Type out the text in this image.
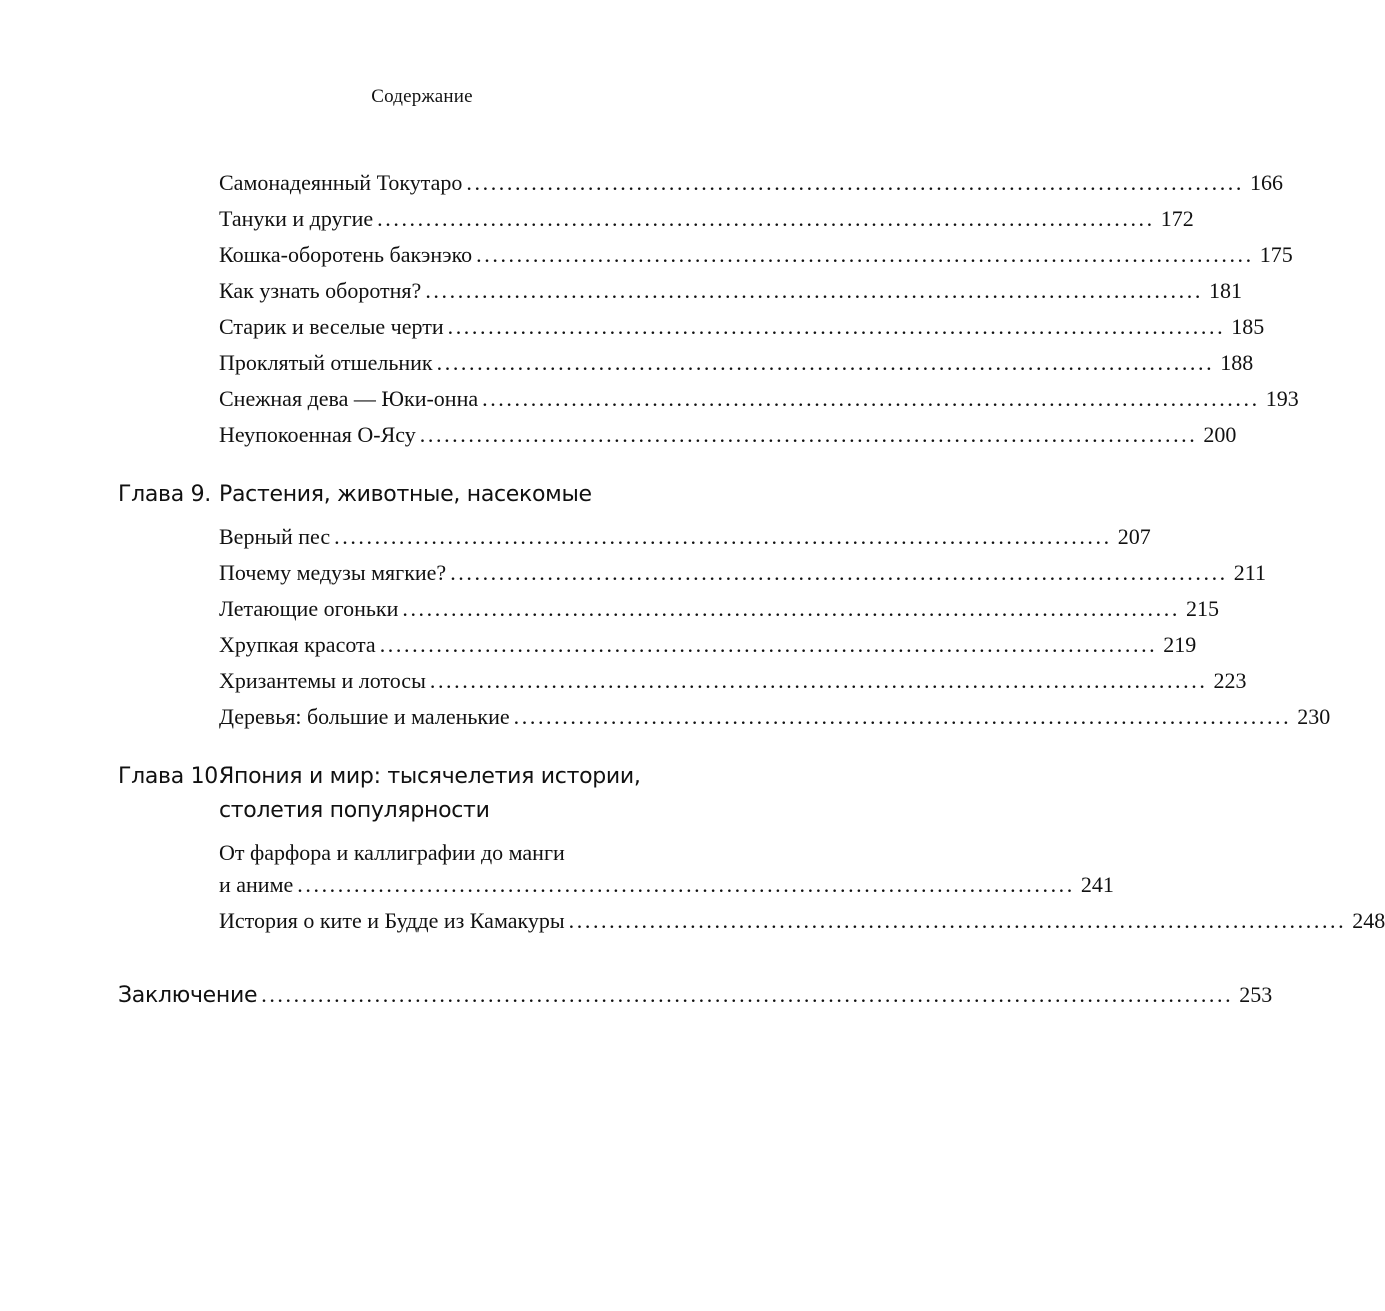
Содержание
Самонадеянный Токутаро ................................................................................................ 166
Тануки и другие ................................................................................................ 172
Кошка-оборотень бакэнэко ................................................................................................ 175
Как узнать оборотня? ................................................................................................ 181
Старик и веселые черти ................................................................................................ 185
Проклятый отшельник ................................................................................................ 188
Снежная дева — Юки-онна ................................................................................................ 193
Неупокоенная О-Ясу ................................................................................................ 200
Глава 9. Растения, животные, насекомые
Верный пес ................................................................................................ 207
Почему медузы мягкие? ................................................................................................ 211
Летающие огоньки ................................................................................................ 215
Хрупкая красота ................................................................................................ 219
Хризантемы и лотосы ................................................................................................ 223
Деревья: большие и маленькие ................................................................................................ 230
Глава 10.Япония и мир: тысячелетия истории,
столетия популярности
От фарфора и каллиграфии до манги
и аниме ................................................................................................ 241
История о ките и Будде из Камакуры ................................................................................................ 248
Заключение ........................................................................................................................ 253
